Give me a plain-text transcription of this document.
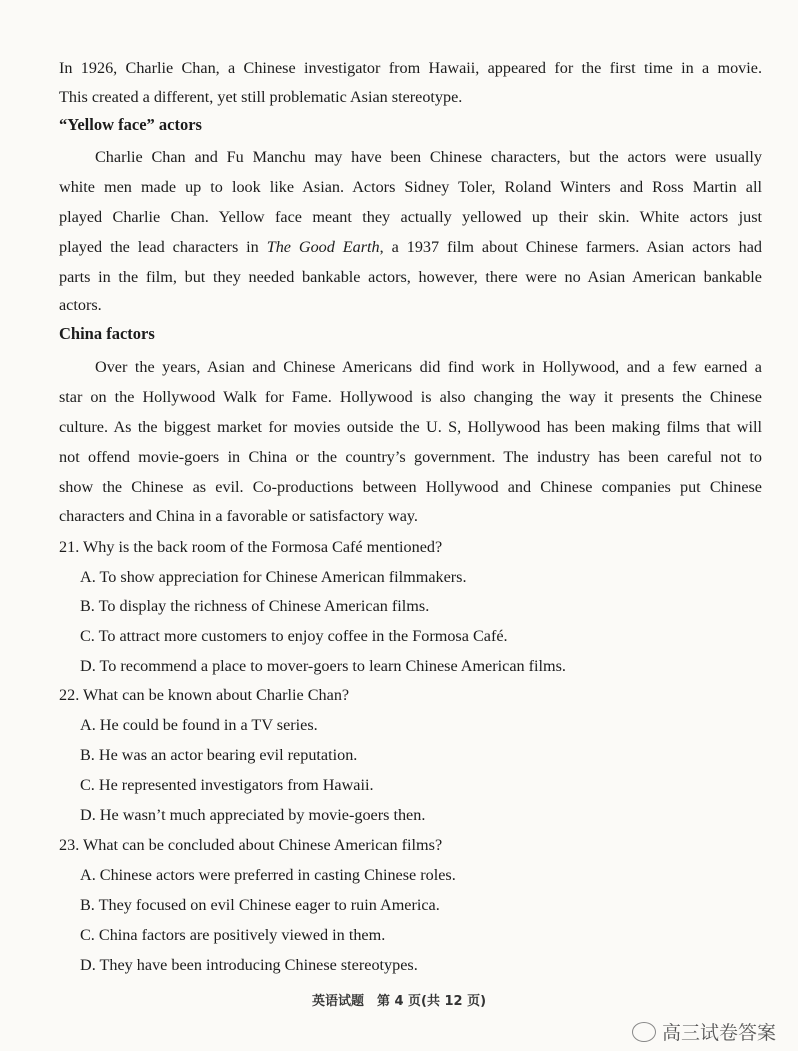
In 1926, Charlie Chan, a Chinese investigator from Hawaii, appeared for the first time in a movie.
This created a different, yet still problematic Asian stereotype.
“Yellow face” actors
Charlie Chan and Fu Manchu may have been Chinese characters, but the actors were usually
white men made up to look like Asian. Actors Sidney Toler, Roland Winters and Ross Martin all
played Charlie Chan. Yellow face meant they actually yellowed up their skin. White actors just
played the lead characters in The Good Earth, a 1937 film about Chinese farmers. Asian actors had
parts in the film, but they needed bankable actors, however, there were no Asian American bankable
actors.
China factors
Over the years, Asian and Chinese Americans did find work in Hollywood, and a few earned a
star on the Hollywood Walk for Fame. Hollywood is also changing the way it presents the Chinese
culture. As the biggest market for movies outside the U. S, Hollywood has been making films that will
not offend movie-goers in China or the country’s government. The industry has been careful not to
show the Chinese as evil. Co-productions between Hollywood and Chinese companies put Chinese
characters and China in a favorable or satisfactory way.
21. Why is the back room of the Formosa Café mentioned?
A. To show appreciation for Chinese American filmmakers.
B. To display the richness of Chinese American films.
C. To attract more customers to enjoy coffee in the Formosa Café.
D. To recommend a place to mover-goers to learn Chinese American films.
22. What can be known about Charlie Chan?
A. He could be found in a TV series.
B. He was an actor bearing evil reputation.
C. He represented investigators from Hawaii.
D. He wasn’t much appreciated by movie-goers then.
23. What can be concluded about Chinese American films?
A. Chinese actors were preferred in casting Chinese roles.
B. They focused on evil Chinese eager to ruin America.
C. China factors are positively viewed in them.
D. They have been introducing Chinese stereotypes.
英语试题　第 4 页(共 12 页)
高三试卷答案
